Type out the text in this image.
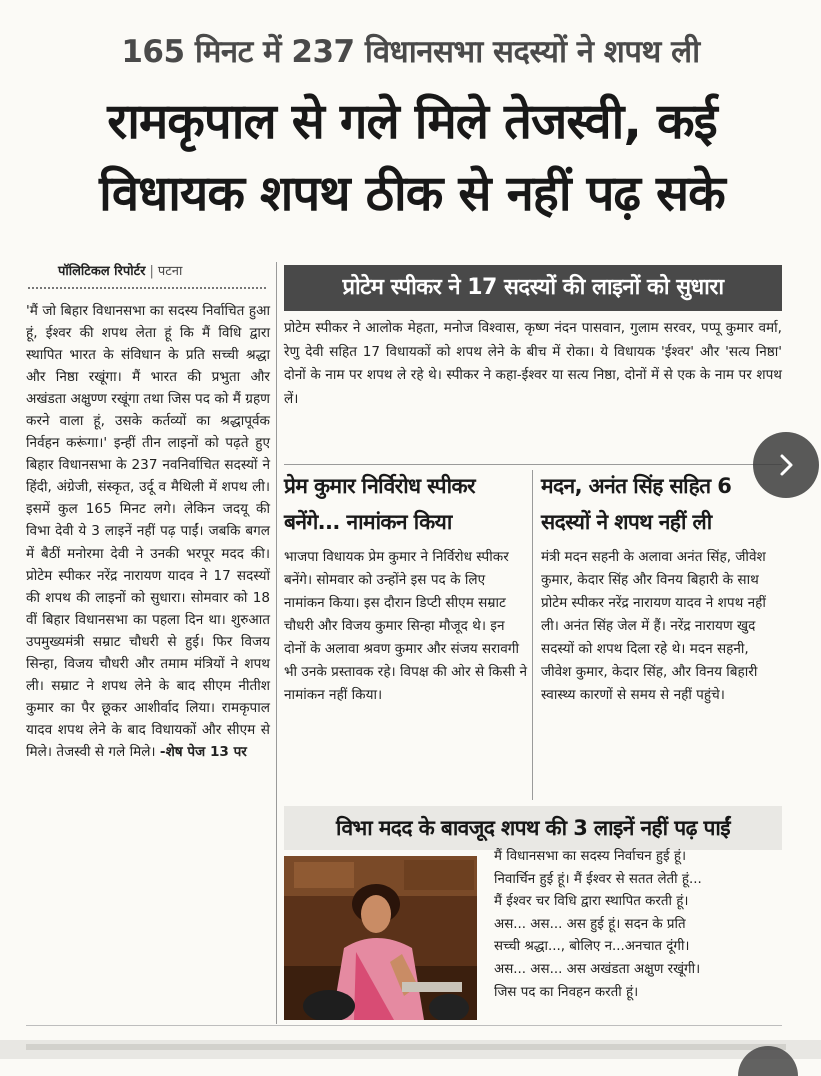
165 मिनट में 237 विधानसभा सदस्यों ने शपथ ली
रामकृपाल से गले मिले तेजस्वी, कई
विधायक शपथ ठीक से नहीं पढ़ सके
पॉलिटिकल रिपोर्टर | पटना
'मैं जो बिहार विधानसभा का सदस्य निर्वाचित हुआ हूं, ईश्वर की शपथ लेता हूं कि मैं विधि द्वारा स्थापित भारत के संविधान के प्रति सच्ची श्रद्धा और निष्ठा रखूंगा। मैं भारत की प्रभुता और अखंडता अक्षुण्ण रखूंगा तथा जिस पद को मैं ग्रहण करने वाला हूं, उसके कर्तव्यों का श्रद्धापूर्वक निर्वहन करूंगा।' इन्हीं तीन लाइनों को पढ़ते हुए बिहार विधानसभा के 237 नवनिर्वाचित सदस्यों ने हिंदी, अंग्रेजी, संस्कृत, उर्दू व मैथिली में शपथ ली। इसमें कुल 165 मिनट लगे। लेकिन जदयू की विभा देवी ये 3 लाइनें नहीं पढ़ पाईं। जबकि बगल में बैठीं मनोरमा देवी ने उनकी भरपूर मदद की। प्रोटेम स्पीकर नरेंद्र नारायण यादव ने 17 सदस्यों की शपथ की लाइनों को सुधारा। सोमवार को 18 वीं बिहार विधानसभा का पहला दिन था। शुरुआत उपमुख्यमंत्री सम्राट चौधरी से हुई। फिर विजय सिन्हा, विजय चौधरी और तमाम मंत्रियों ने शपथ ली। सम्राट ने शपथ लेने के बाद सीएम नीतीश कुमार का पैर छूकर आशीर्वाद लिया। रामकृपाल यादव शपथ लेने के बाद विधायकों और सीएम से मिले। तेजस्वी से गले मिले। -शेष पेज 13 पर
प्रोटेम स्पीकर ने 17 सदस्यों की लाइनों को सुधारा
प्रोटेम स्पीकर ने आलोक मेहता, मनोज विश्वास, कृष्ण नंदन पासवान, गुलाम सरवर, पप्पू कुमार वर्मा, रेणु देवी सहित 17 विधायकों को शपथ लेने के बीच में रोका। ये विधायक 'ईश्वर' और 'सत्य निष्ठा' दोनों के नाम पर शपथ ले रहे थे। स्पीकर ने कहा-ईश्वर या सत्य निष्ठा, दोनों में से एक के नाम पर शपथ लें।
प्रेम कुमार निर्विरोध स्पीकर
बनेंगे... नामांकन किया
भाजपा विधायक प्रेम कुमार ने निर्विरोध स्पीकर बनेंगे। सोमवार को उन्होंने इस पद के लिए नामांकन किया। इस दौरान डिप्टी सीएम सम्राट चौधरी और विजय कुमार सिन्हा मौजूद थे। इन दोनों के अलावा श्रवण कुमार और संजय सरावगी भी उनके प्रस्तावक रहे। विपक्ष की ओर से किसी ने नामांकन नहीं किया।
मदन, अनंत सिंह सहित 6
सदस्यों ने शपथ नहीं ली
मंत्री मदन सहनी के अलावा अनंत सिंह, जीवेश कुमार, केदार सिंह और विनय बिहारी के साथ प्रोटेम स्पीकर नरेंद्र नारायण यादव ने शपथ नहीं ली। अनंत सिंह जेल में हैं। नरेंद्र नारायण खुद सदस्यों को शपथ दिला रहे थे। मदन सहनी, जीवेश कुमार, केदार सिंह, और विनय बिहारी स्वास्थ्य कारणों से समय से नहीं पहुंचे।
विभा मदद के बावजूद शपथ की 3 लाइनें नहीं पढ़ पाईं
मैं विधानसभा का सदस्य निर्वाचन हुई हूं।
निवार्चिन हुई हूं। मैं ईश्वर से सतत लेती हूं...
मैं ईश्वर चर विधि द्वारा स्थापित करती हूं।
अस... अस... अस हुई हूं। सदन के प्रति
सच्ची श्रद्धा..., बोलिए न...अनचात दूंगी।
अस... अस... अस अखंडता अक्षुण रखूंगी।
जिस पद का निवहन करती हूं।
